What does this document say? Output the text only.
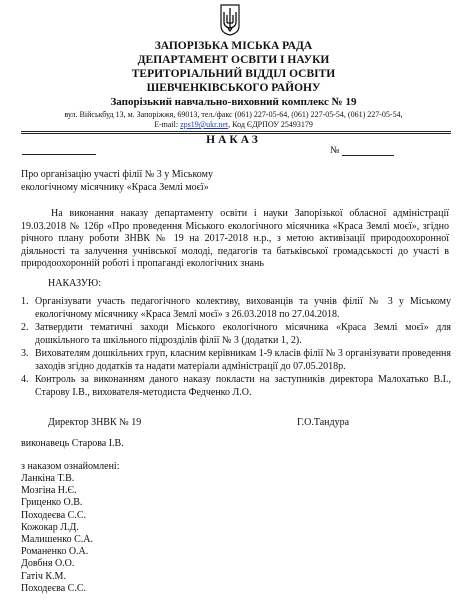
ЗАПОРІЗЬКА МІСЬКА РАДА
ДЕПАРТАМЕНТ ОСВІТИ І НАУКИ
ТЕРИТОРІАЛЬНИЙ ВІДДІЛ ОСВІТИ
ШЕВЧЕНКІВСЬКОГО РАЙОНУ
Запорізький навчально-виховний комплекс № 19
вул. Військбуд 13, м. Запоріжжя, 69013, тел./факс (061) 227-05-64, (061) 227-05-54, (061) 227-05-54,
E-mail: zps19@ukr.net, Код ЄДРПОУ 25493179
НАКАЗ
№
Про організацію участі філії № 3 у Міському
екологічному місячнику «Краса Землі моєї»
На виконання наказу департаменту освіти і науки Запорізької обласної адміністрації 19.03.2018 № 126р «Про проведення Міського екологічного місячника «Краса Землі моєї», згідно річного плану роботи ЗНВК № 19 на 2017-2018 н.р., з метою активізації природоохоронної діяльності та залучення учнівської молоді, педагогів та батьківської громадськості до участі в природоохоронній роботі і пропаганді екологічних знань
НАКАЗУЮ:
1. Організувати участь педагогічного колективу, вихованців та учнів філії № 3 у Міському екологічному місячнику «Краса Землі моєї» з 26.03.2018 по 27.04.2018.
2. Затвердити тематичні заходи Міського екологічного місячника «Краса Землі моєї» для дошкільного та шкільного підрозділів філії № 3 (додатки 1, 2).
3. Вихователям дошкільних груп, класним керівникам 1-9 класів філії № 3 організувати проведення заходів згідно додатків та надати матеріали адміністрації до 07.05.2018р.
4. Контроль за виконанням даного наказу покласти на заступників директора Малохатько В.І., Старову І.В., вихователя-методиста Федченко Л.О.
Директор ЗНВК № 19	Г.О.Тандура
виконавець Старова І.В.
з наказом ознайомлені:
Ланкіна Т.В.
Мозгіна Н.Є.
Гриценко О.В.
Походеєва С.С.
Кожокар Л.Д.
Малишенко С.А.
Романенко О.А.
Довбня О.О.
Гатіч К.М.
Походеєва С.С.
